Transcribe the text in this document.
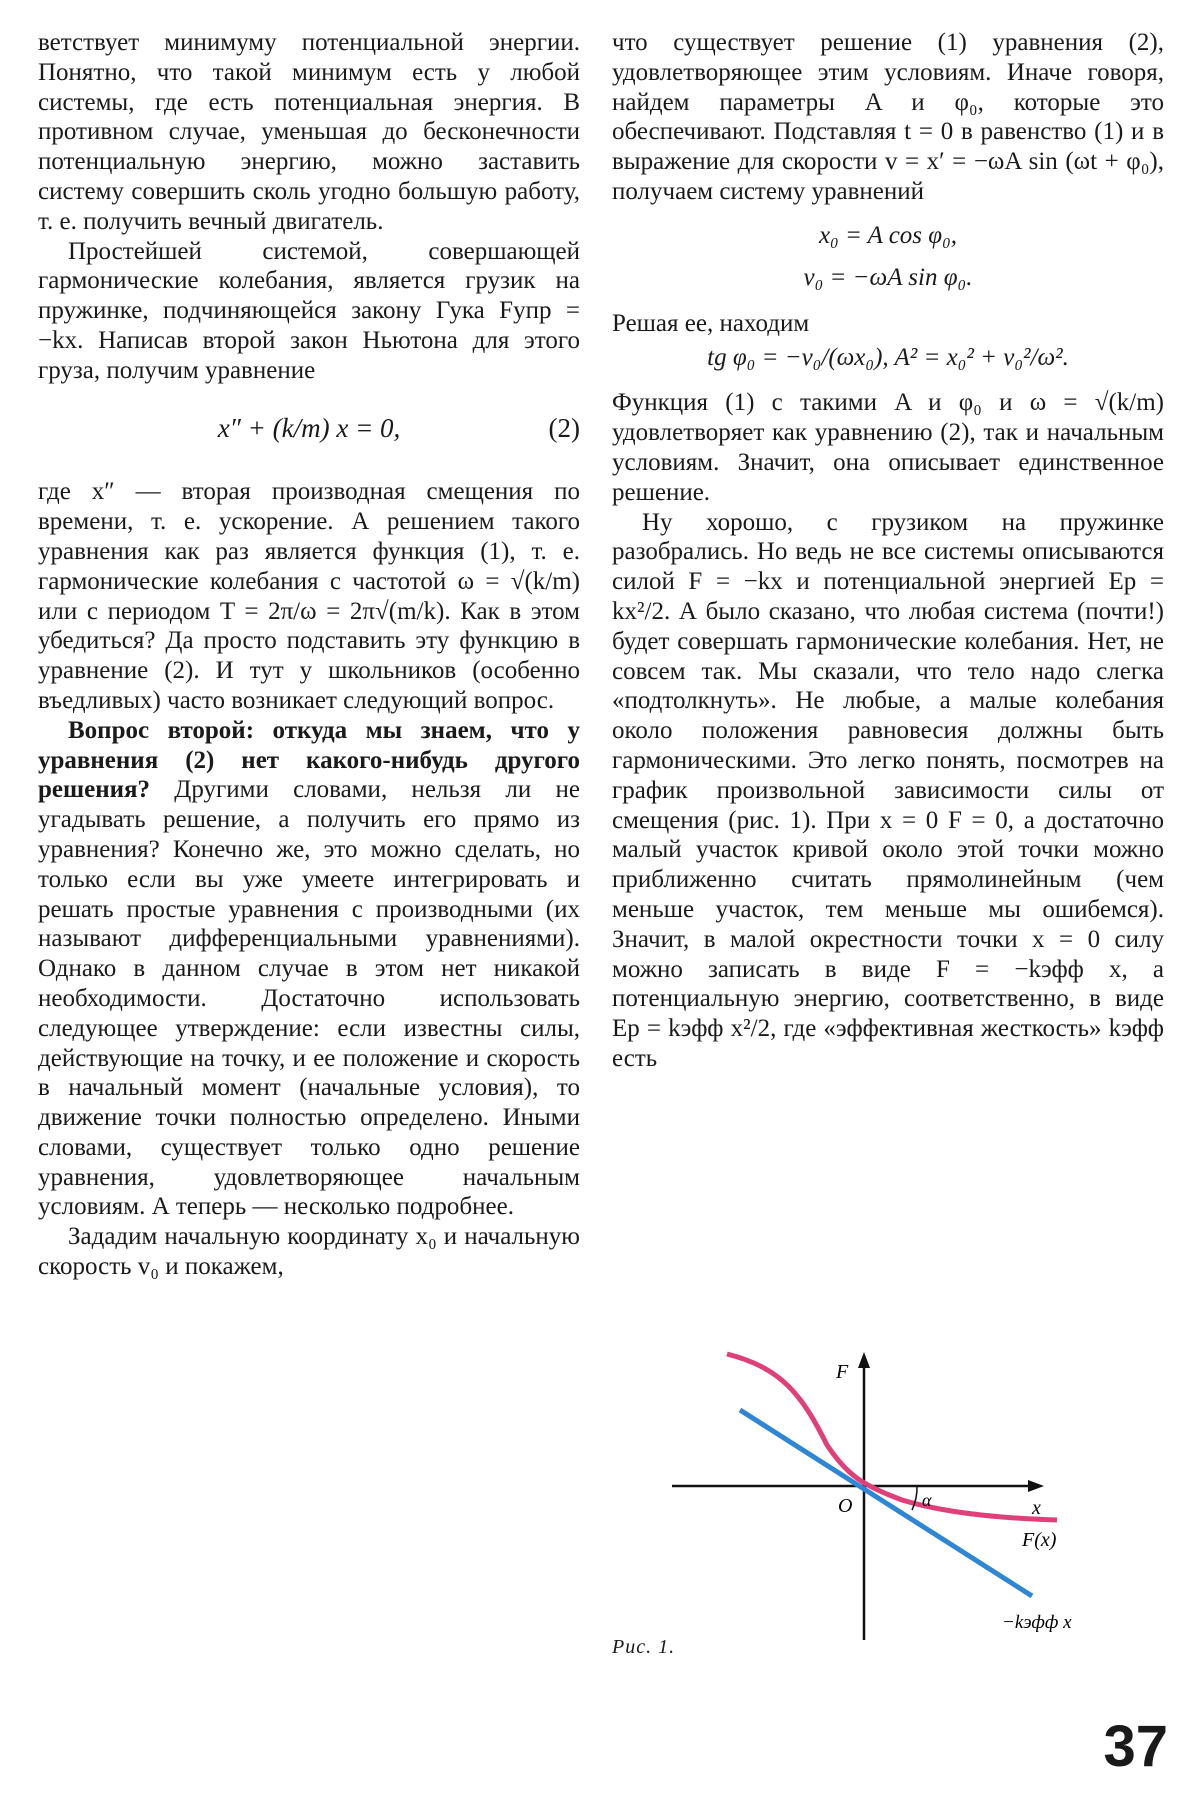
ветствует минимуму потенциальной энергии. Понятно, что такой минимум есть у любой системы, где есть потенциальная энергия. В противном случае, уменьшая до бесконечности потенциальную энергию, можно заставить систему совершить сколь угодно большую работу, т. е. получить вечный двигатель.

Простейшей системой, совершающей гармонические колебания, является грузик на пружинке, подчиняющейся закону Гука Fупр = −kx. Написав второй закон Ньютона для этого груза, получим уравнение

x″ + (k/m) x = 0,	(2)

где x″ — вторая производная смещения по времени, т. е. ускорение. А решением такого уравнения как раз является функция (1), т. е. гармонические колебания с частотой ω = √(k/m) или с периодом T = 2π/ω = 2π√(m/k). Как в этом убедиться? Да просто подставить эту функцию в уравнение (2). И тут у школьников (особенно въедливых) часто возникает следующий вопрос.

Вопрос второй: откуда мы знаем, что у уравнения (2) нет какого-нибудь другого решения? Другими словами, нельзя ли не угадывать решение, а получить его прямо из уравнения? Конечно же, это можно сделать, но только если вы уже умеете интегрировать и решать простые уравнения с производными (их называют дифференциальными уравнениями). Однако в данном случае в этом нет никакой необходимости. Достаточно использовать следующее утверждение: если известны силы, действующие на точку, и ее положение и скорость в начальный момент (начальные условия), то движение точки полностью определено. Иными словами, существует только одно решение уравнения, удовлетворяющее начальным условиям. А теперь — несколько подробнее.

Зададим начальную координату x₀ и начальную скорость v₀ и покажем,

что существует решение (1) уравнения (2), удовлетворяющее этим условиям. Иначе говоря, найдем параметры A и φ₀, которые это обеспечивают. Подставляя t = 0 в равенство (1) и в выражение для скорости v = x′ = −ωA sin (ωt + φ₀), получаем систему уравнений

x₀ = A cos φ₀,
v₀ = −ωA sin φ₀.

Решая ее, находим

tg φ₀ = −v₀/(ωx₀), A² = x₀² + v₀²/ω².

Функция (1) с такими A и φ₀ и ω = √(k/m) удовлетворяет как уравнению (2), так и начальным условиям. Значит, она описывает единственное решение.

Ну хорошо, с грузиком на пружинке разобрались. Но ведь не все системы описываются силой F = −kx и потенциальной энергией Ep = kx²/2. А было сказано, что любая система (почти!) будет совершать гармонические колебания. Нет, не совсем так. Мы сказали, что тело надо слегка «подтолкнуть». Не любые, а малые колебания около положения равновесия должны быть гармоническими. Это легко понять, посмотрев на график произвольной зависимости силы от смещения (рис. 1). При x = 0 F = 0, а достаточно малый участок кривой около этой точки можно приближенно считать прямолинейным (чем меньше участок, тем меньше мы ошибемся). Значит, в малой окрестности точки x = 0 силу можно записать в виде F = −kэфф x, а потенциальную энергию, соответственно, в виде Ep = kэфф x²/2, где «эффективная жесткость» kэфф есть

F
x
O	α
F(x)
−kэфф x
Рис. 1.
37
